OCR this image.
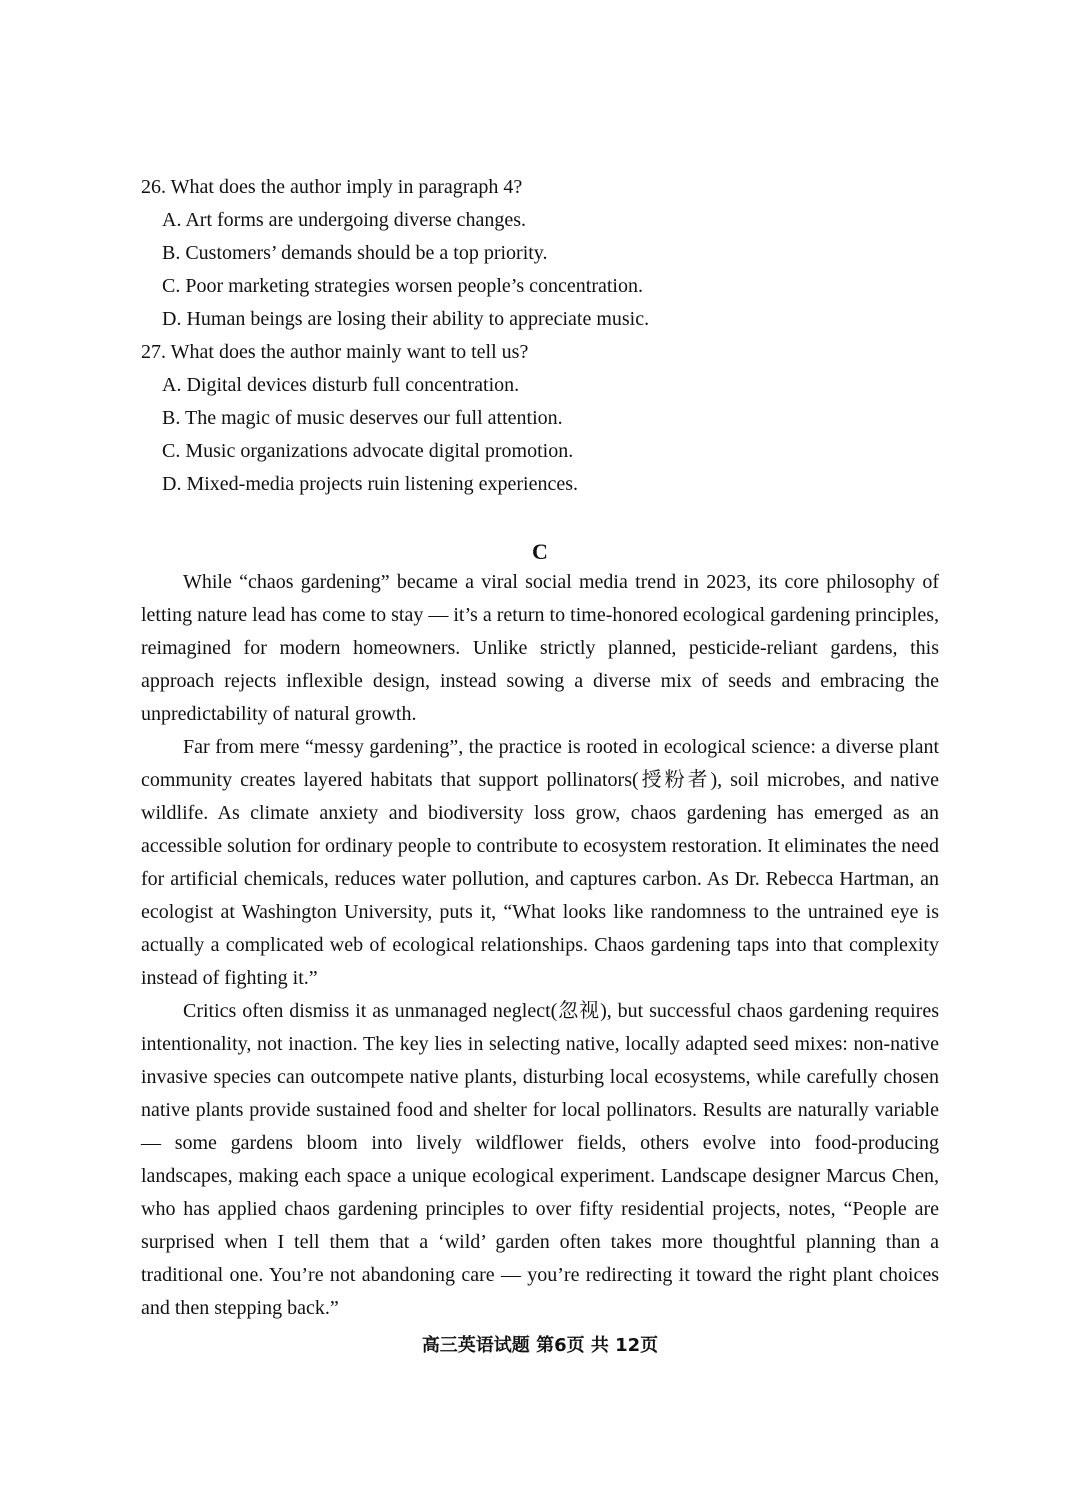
26. What does the author imply in paragraph 4?
A. Art forms are undergoing diverse changes.
B. Customers’ demands should be a top priority.
C. Poor marketing strategies worsen people’s concentration.
D. Human beings are losing their ability to appreciate music.
27. What does the author mainly want to tell us?
A. Digital devices disturb full concentration.
B. The magic of music deserves our full attention.
C. Music organizations advocate digital promotion.
D. Mixed-media projects ruin listening experiences.
C

While “chaos gardening” became a viral social media trend in 2023, its core philosophy of letting nature lead has come to stay — it’s a return to time-honored ecological gardening principles, reimagined for modern homeowners. Unlike strictly planned, pesticide-reliant gardens, this approach rejects inflexible design, instead sowing a diverse mix of seeds and embracing the unpredictability of natural growth.

Far from mere “messy gardening”, the practice is rooted in ecological science: a diverse plant community creates layered habitats that support pollinators(授粉者), soil microbes, and native wildlife. As climate anxiety and biodiversity loss grow, chaos gardening has emerged as an accessible solution for ordinary people to contribute to ecosystem restoration. It eliminates the need for artificial chemicals, reduces water pollution, and captures carbon. As Dr. Rebecca Hartman, an ecologist at Washington University, puts it, “What looks like randomness to the untrained eye is actually a complicated web of ecological relationships. Chaos gardening taps into that complexity instead of fighting it.”

Critics often dismiss it as unmanaged neglect(忽视), but successful chaos gardening requires intentionality, not inaction. The key lies in selecting native, locally adapted seed mixes: non-native invasive species can outcompete native plants, disturbing local ecosystems, while carefully chosen native plants provide sustained food and shelter for local pollinators. Results are naturally variable — some gardens bloom into lively wildflower fields, others evolve into food-producing landscapes, making each space a unique ecological experiment. Landscape designer Marcus Chen, who has applied chaos gardening principles to over fifty residential projects, notes, “People are surprised when I tell them that a ‘wild’ garden often takes more thoughtful planning than a traditional one. You’re not abandoning care — you’re redirecting it toward the right plant choices and then stepping back.”

高三英语试题 第6页 共 12页
